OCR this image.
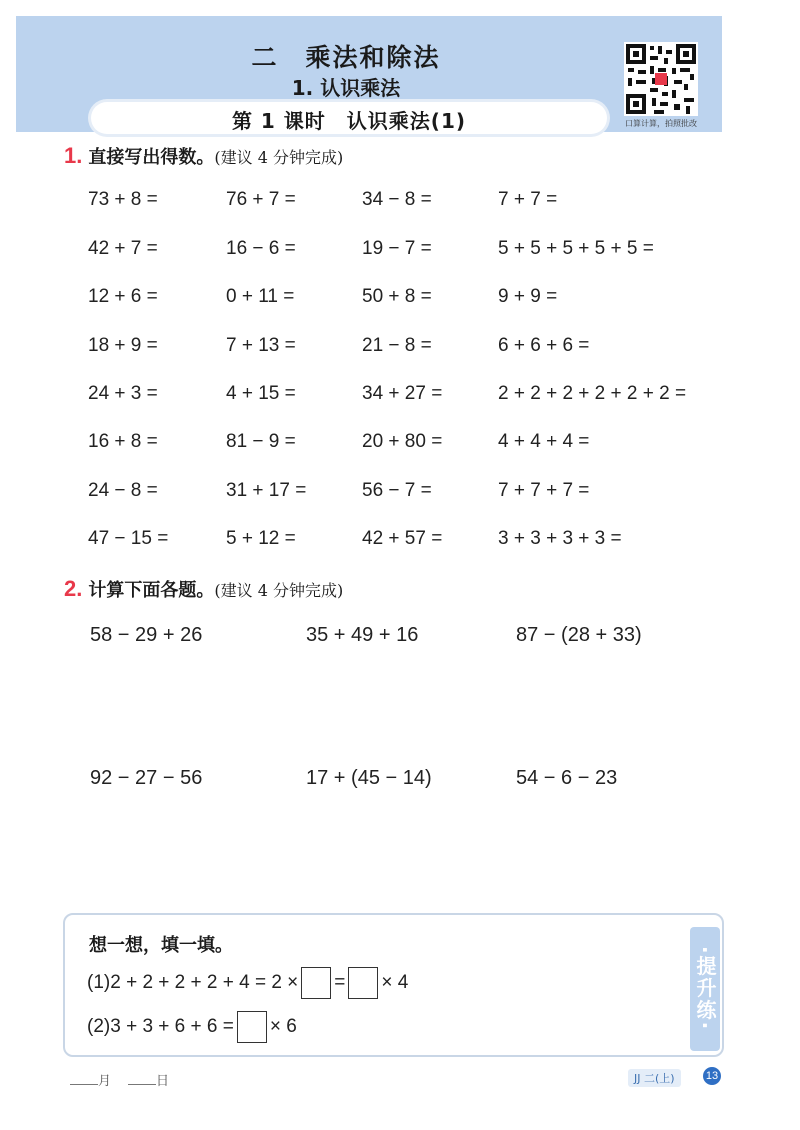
二　乘法和除法
1. 认识乘法
第 1 课时　认识乘法(1)	口算计算，拍照批改
1. 直接写出得数。(建议 4 分钟完成)
73 + 8 =	76 + 7 =	34 − 8 =	7 + 7 =
42 + 7 =	16 − 6 =	19 − 7 =	5 + 5 + 5 + 5 + 5 =
12 + 6 =	0 + 11 =	50 + 8 =	9 + 9 =
18 + 9 =	7 + 13 =	21 − 8 =	6 + 6 + 6 =
24 + 3 =	4 + 15 =	34 + 27 =	2 + 2 + 2 + 2 + 2 + 2 =
16 + 8 =	81 − 9 =	20 + 80 =	4 + 4 + 4 =
24 − 8 =	31 + 17 =	56 − 7 =	7 + 7 + 7 =
47 − 15 =	5 + 12 =	42 + 57 =	3 + 3 + 3 + 3 =
2. 计算下面各题。(建议 4 分钟完成)
58 − 29 + 26	35 + 49 + 16	87 − (28 + 33)
92 − 27 − 56	17 + (45 − 14)	54 − 6 − 23
想一想，填一填。
(1)2 + 2 + 2 + 2 + 4 = 2 × = × 4
(2)3 + 3 + 6 + 6 = × 6	·提升练·
月	日	JJ 二(上)	13
